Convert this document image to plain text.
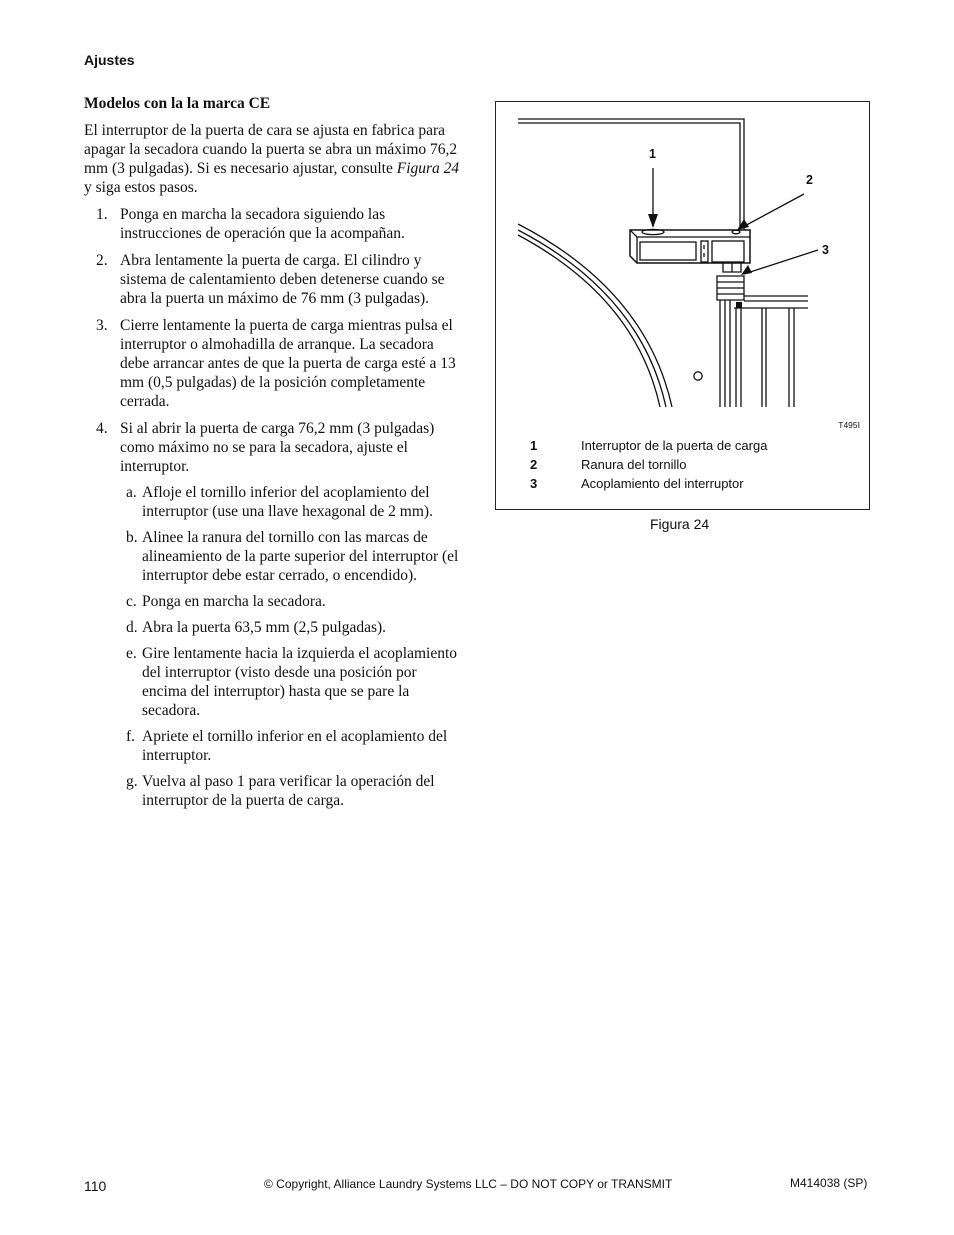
Ajustes
Modelos con la la marca CE

El interruptor de la puerta de cara se ajusta en fabrica para apagar la secadora cuando la puerta se abra un máximo 76,2 mm (3 pulgadas). Si es necesario ajustar, consulte Figura 24 y siga estos pasos.

1. Ponga en marcha la secadora siguiendo las instrucciones de operación que la acompañan.
2. Abra lentamente la puerta de carga. El cilindro y sistema de calentamiento deben detenerse cuando se abra la puerta un máximo de 76 mm (3 pulgadas).
3. Cierre lentamente la puerta de carga mientras pulsa el interruptor o almohadilla de arranque. La secadora debe arrancar antes de que la puerta de carga esté a 13 mm (0,5 pulgadas) de la posición completamente cerrada.
4. Si al abrir la puerta de carga 76,2 mm (3 pulgadas) como máximo no se para la secadora, ajuste el interruptor.
a. Afloje el tornillo inferior del acoplamiento del interruptor (use una llave hexagonal de 2 mm).
b. Alinee la ranura del tornillo con las marcas de alineamiento de la parte superior del interruptor (el interruptor debe estar cerrado, o encendido).
c. Ponga en marcha la secadora.
d. Abra la puerta 63,5 mm (2,5 pulgadas).
e. Gire lentamente hacia la izquierda el acoplamiento del interruptor (visto desde una posición por encima del interruptor) hasta que se pare la secadora.
f. Apriete el tornillo inferior en el acoplamiento del interruptor.
g. Vuelva al paso 1 para verificar la operación del interruptor de la puerta de carga.
1
2
3
T495I
1	Interruptor de la puerta de carga
2	Ranura del tornillo
3	Acoplamiento del interruptor
Figura 24
110	© Copyright, Alliance Laundry Systems LLC – DO NOT COPY or TRANSMIT	M414038 (SP)
